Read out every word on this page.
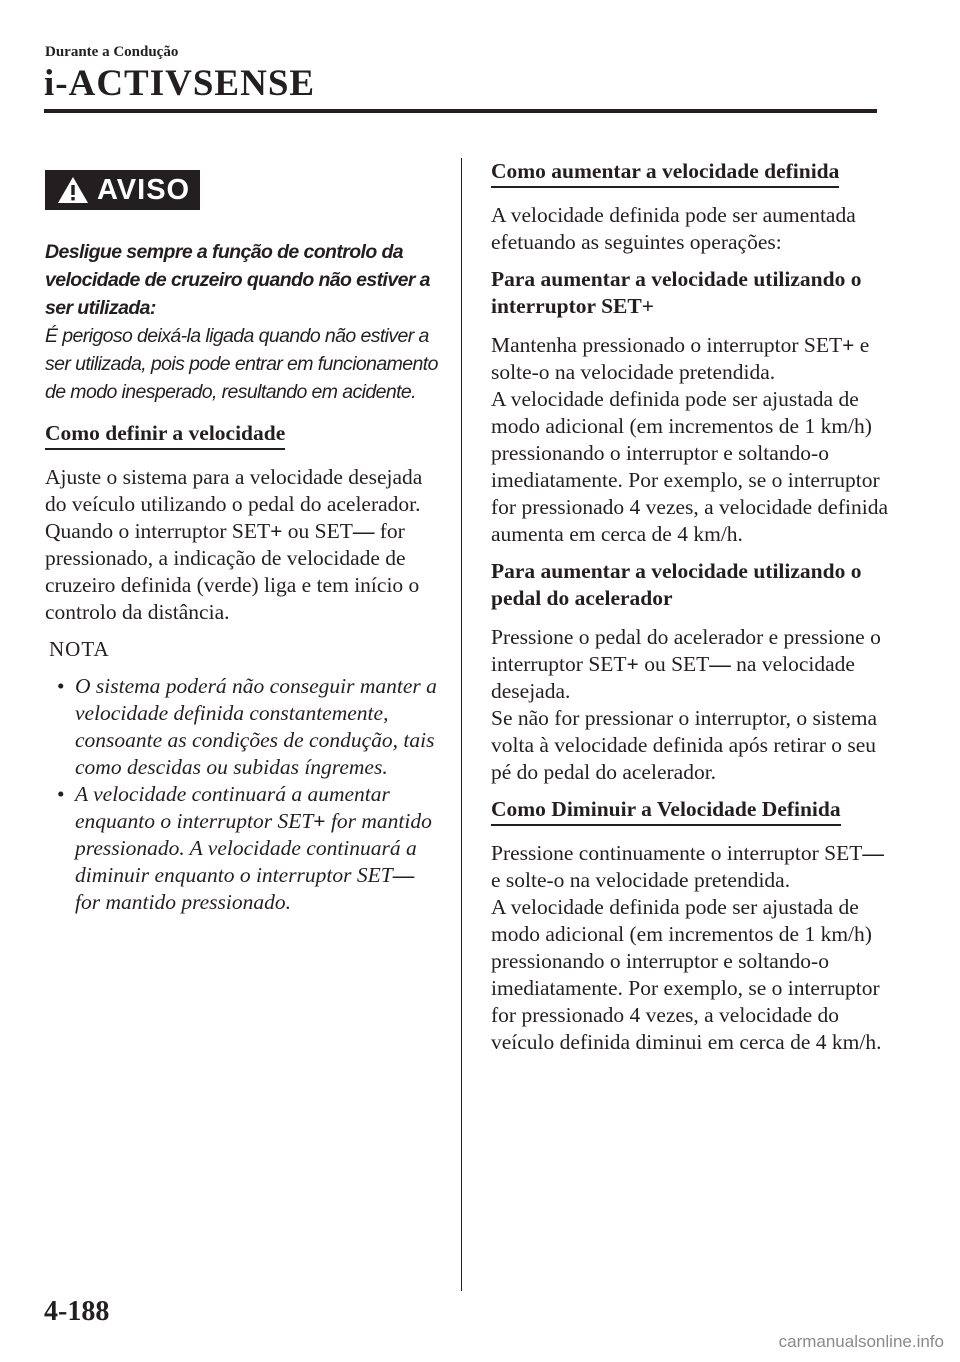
Durante a Condução
i-ACTIVSENSE
AVISO

Desligue sempre a função de controlo da velocidade de cruzeiro quando não estiver a ser utilizada:

É perigoso deixá-la ligada quando não estiver a ser utilizada, pois pode entrar em funcionamento de modo inesperado, resultando em acidente.

Como definir a velocidade

Ajuste o sistema para a velocidade desejada do veículo utilizando o pedal do acelerador.

Quando o interruptor SET+ ou SET— for pressionado, a indicação de velocidade de cruzeiro definida (verde) liga e tem início o controlo da distância.

NOTA

• O sistema poderá não conseguir manter a velocidade definida constantemente, consoante as condições de condução, tais como descidas ou subidas íngremes.
• A velocidade continuará a aumentar enquanto o interruptor SET+ for mantido pressionado. A velocidade continuará a diminuir enquanto o interruptor SET— for mantido pressionado.
Como aumentar a velocidade definida

A velocidade definida pode ser aumentada efetuando as seguintes operações:

Para aumentar a velocidade utilizando o interruptor SET+

Mantenha pressionado o interruptor SET+ e solte-o na velocidade pretendida.

A velocidade definida pode ser ajustada de modo adicional (em incrementos de 1 km/h) pressionando o interruptor e soltando-o imediatamente. Por exemplo, se o interruptor for pressionado 4 vezes, a velocidade definida aumenta em cerca de 4 km/h.

Para aumentar a velocidade utilizando o pedal do acelerador

Pressione o pedal do acelerador e pressione o interruptor SET+ ou SET— na velocidade desejada.

Se não for pressionar o interruptor, o sistema volta à velocidade definida após retirar o seu pé do pedal do acelerador.

Como Diminuir a Velocidade Definida

Pressione continuamente o interruptor SET— e solte-o na velocidade pretendida.

A velocidade definida pode ser ajustada de modo adicional (em incrementos de 1 km/h) pressionando o interruptor e soltando-o imediatamente. Por exemplo, se o interruptor for pressionado 4 vezes, a velocidade do veículo definida diminui em cerca de 4 km/h.

4-188
carmanualsonline.info
